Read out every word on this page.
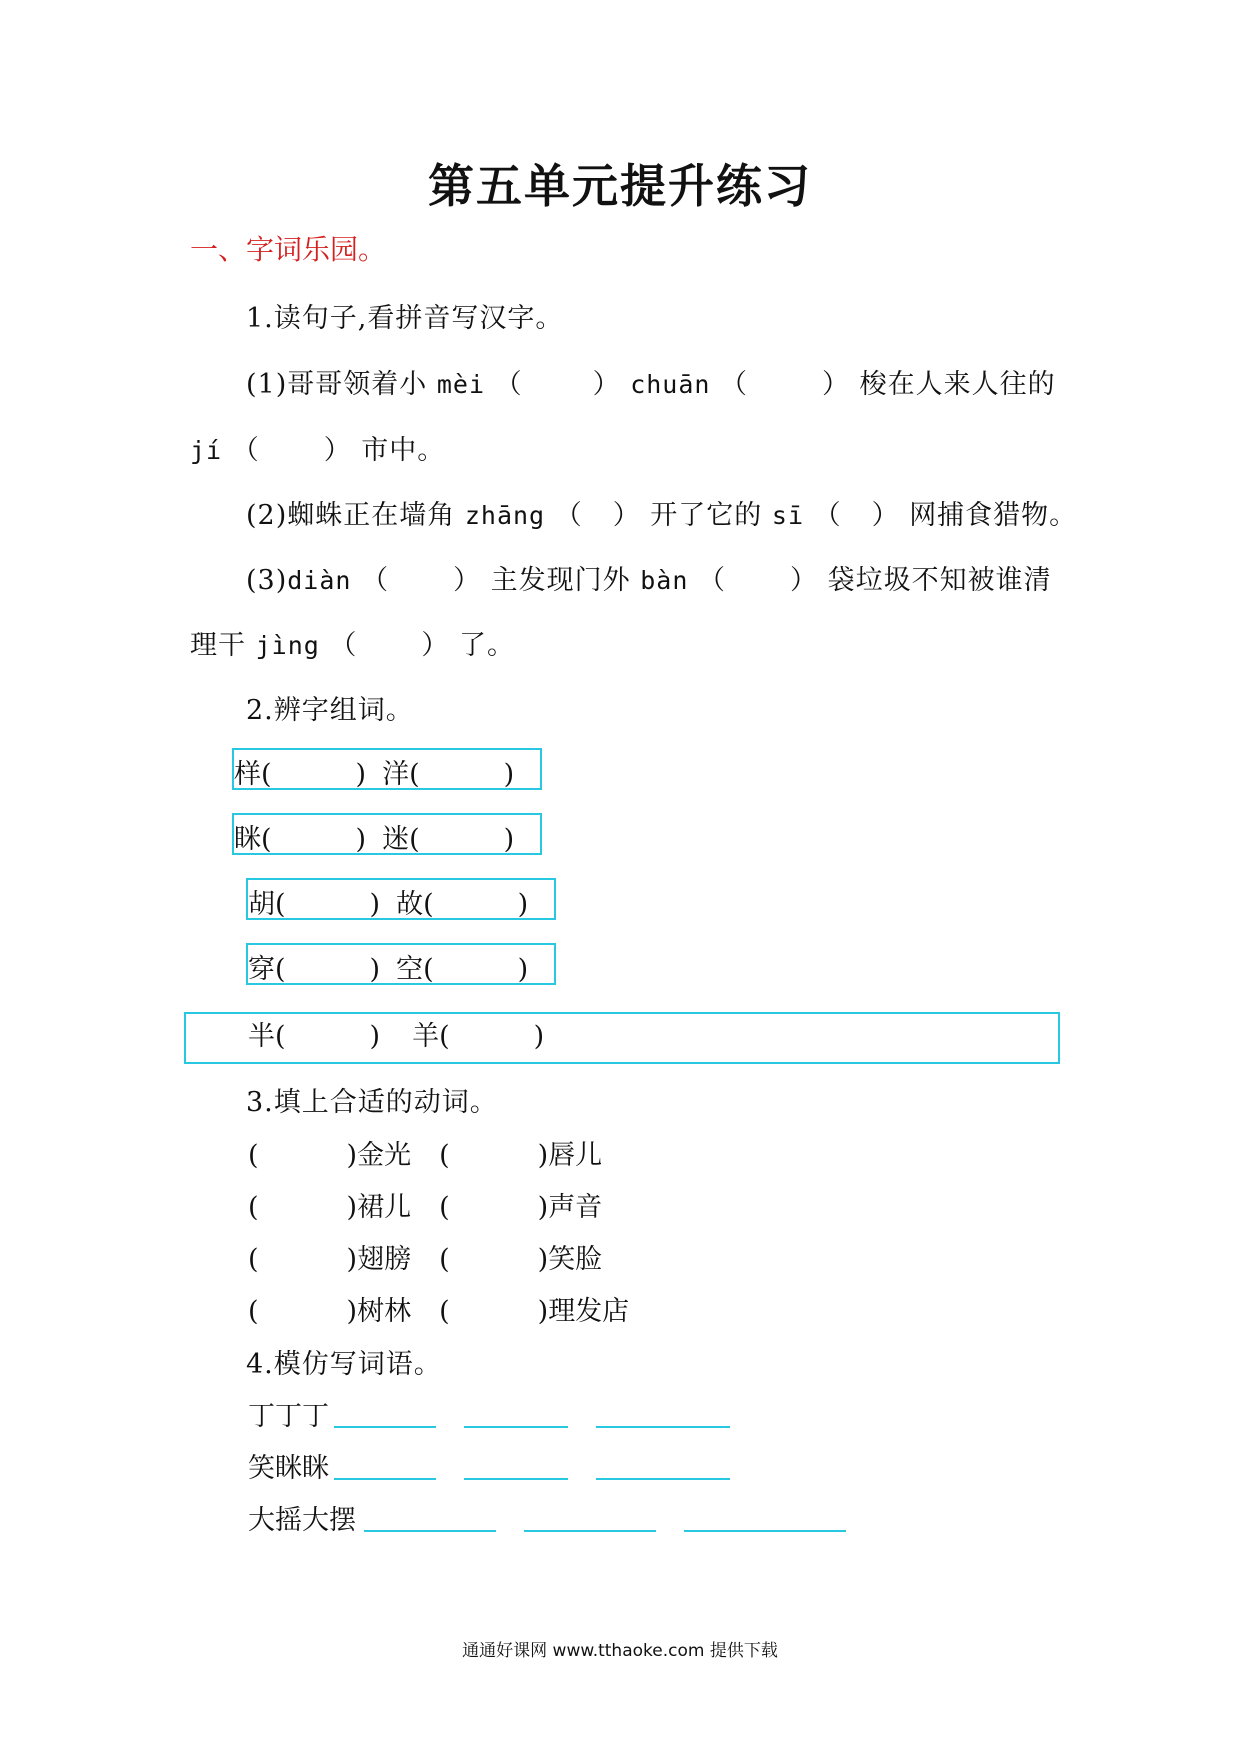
第五单元提升练习
一、字词乐园。
1.读句子,看拼音写汉字。
(1)哥哥领着小 mèi （	） chuān （	） 梭在人来人往的
jí （ ） 市中。
(2)蜘蛛正在墙角 zhāng （ ） 开了它的 sī （ ） 网捕食猎物。
(3)diàn （ ） 主发现门外 bàn （ ） 袋垃圾不知被谁清
理干 jìng （ ） 了。
2.辨字组词。
样(	) 洋(	)
眯(	) 迷(	)
胡(	) 故(	)
穿(	) 空(	)
半(	) 羊(	)
3.填上合适的动词。
(	)金光 (	)唇儿
(	)裙儿 (	)声音
(	)翅膀 (	)笑脸
(	)树林 (	)理发店
4.模仿写词语。
丁丁丁
笑眯眯
大摇大摆
通通好课网 www.tthaoke.com 提供下载
